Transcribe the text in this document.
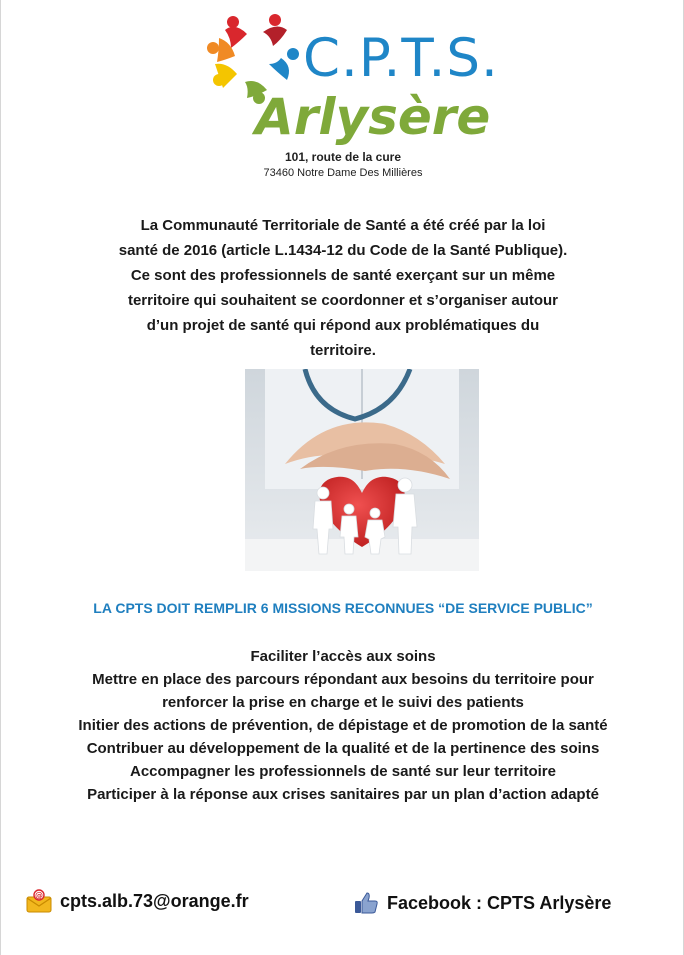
C.P.T.S.
Arlysère
101, route de la cure
73460 Notre Dame Des Millières
La Communauté Territoriale de Santé a été créé par la loi
santé de 2016 (article L.1434-12 du Code de la Santé Publique).
Ce sont des professionnels de santé exerçant sur un même
territoire qui souhaitent se coordonner et s’organiser autour
d’un projet de santé qui répond aux problématiques du
territoire.
LA CPTS DOIT REMPLIR 6 MISSIONS RECONNUES “DE SERVICE PUBLIC”
Faciliter l’accès aux soins
Mettre en place des parcours répondant aux besoins du territoire pour
renforcer la prise en charge et le suivi des patients
Initier des actions de prévention, de dépistage et de promotion de la santé
Contribuer au développement de la qualité et de la pertinence des soins
Accompagner les professionnels de santé sur leur territoire
Participer à la réponse aux crises sanitaires par un plan d’action adapté
@ cpts.alb.73@orange.fr	Facebook : CPTS Arlysère
